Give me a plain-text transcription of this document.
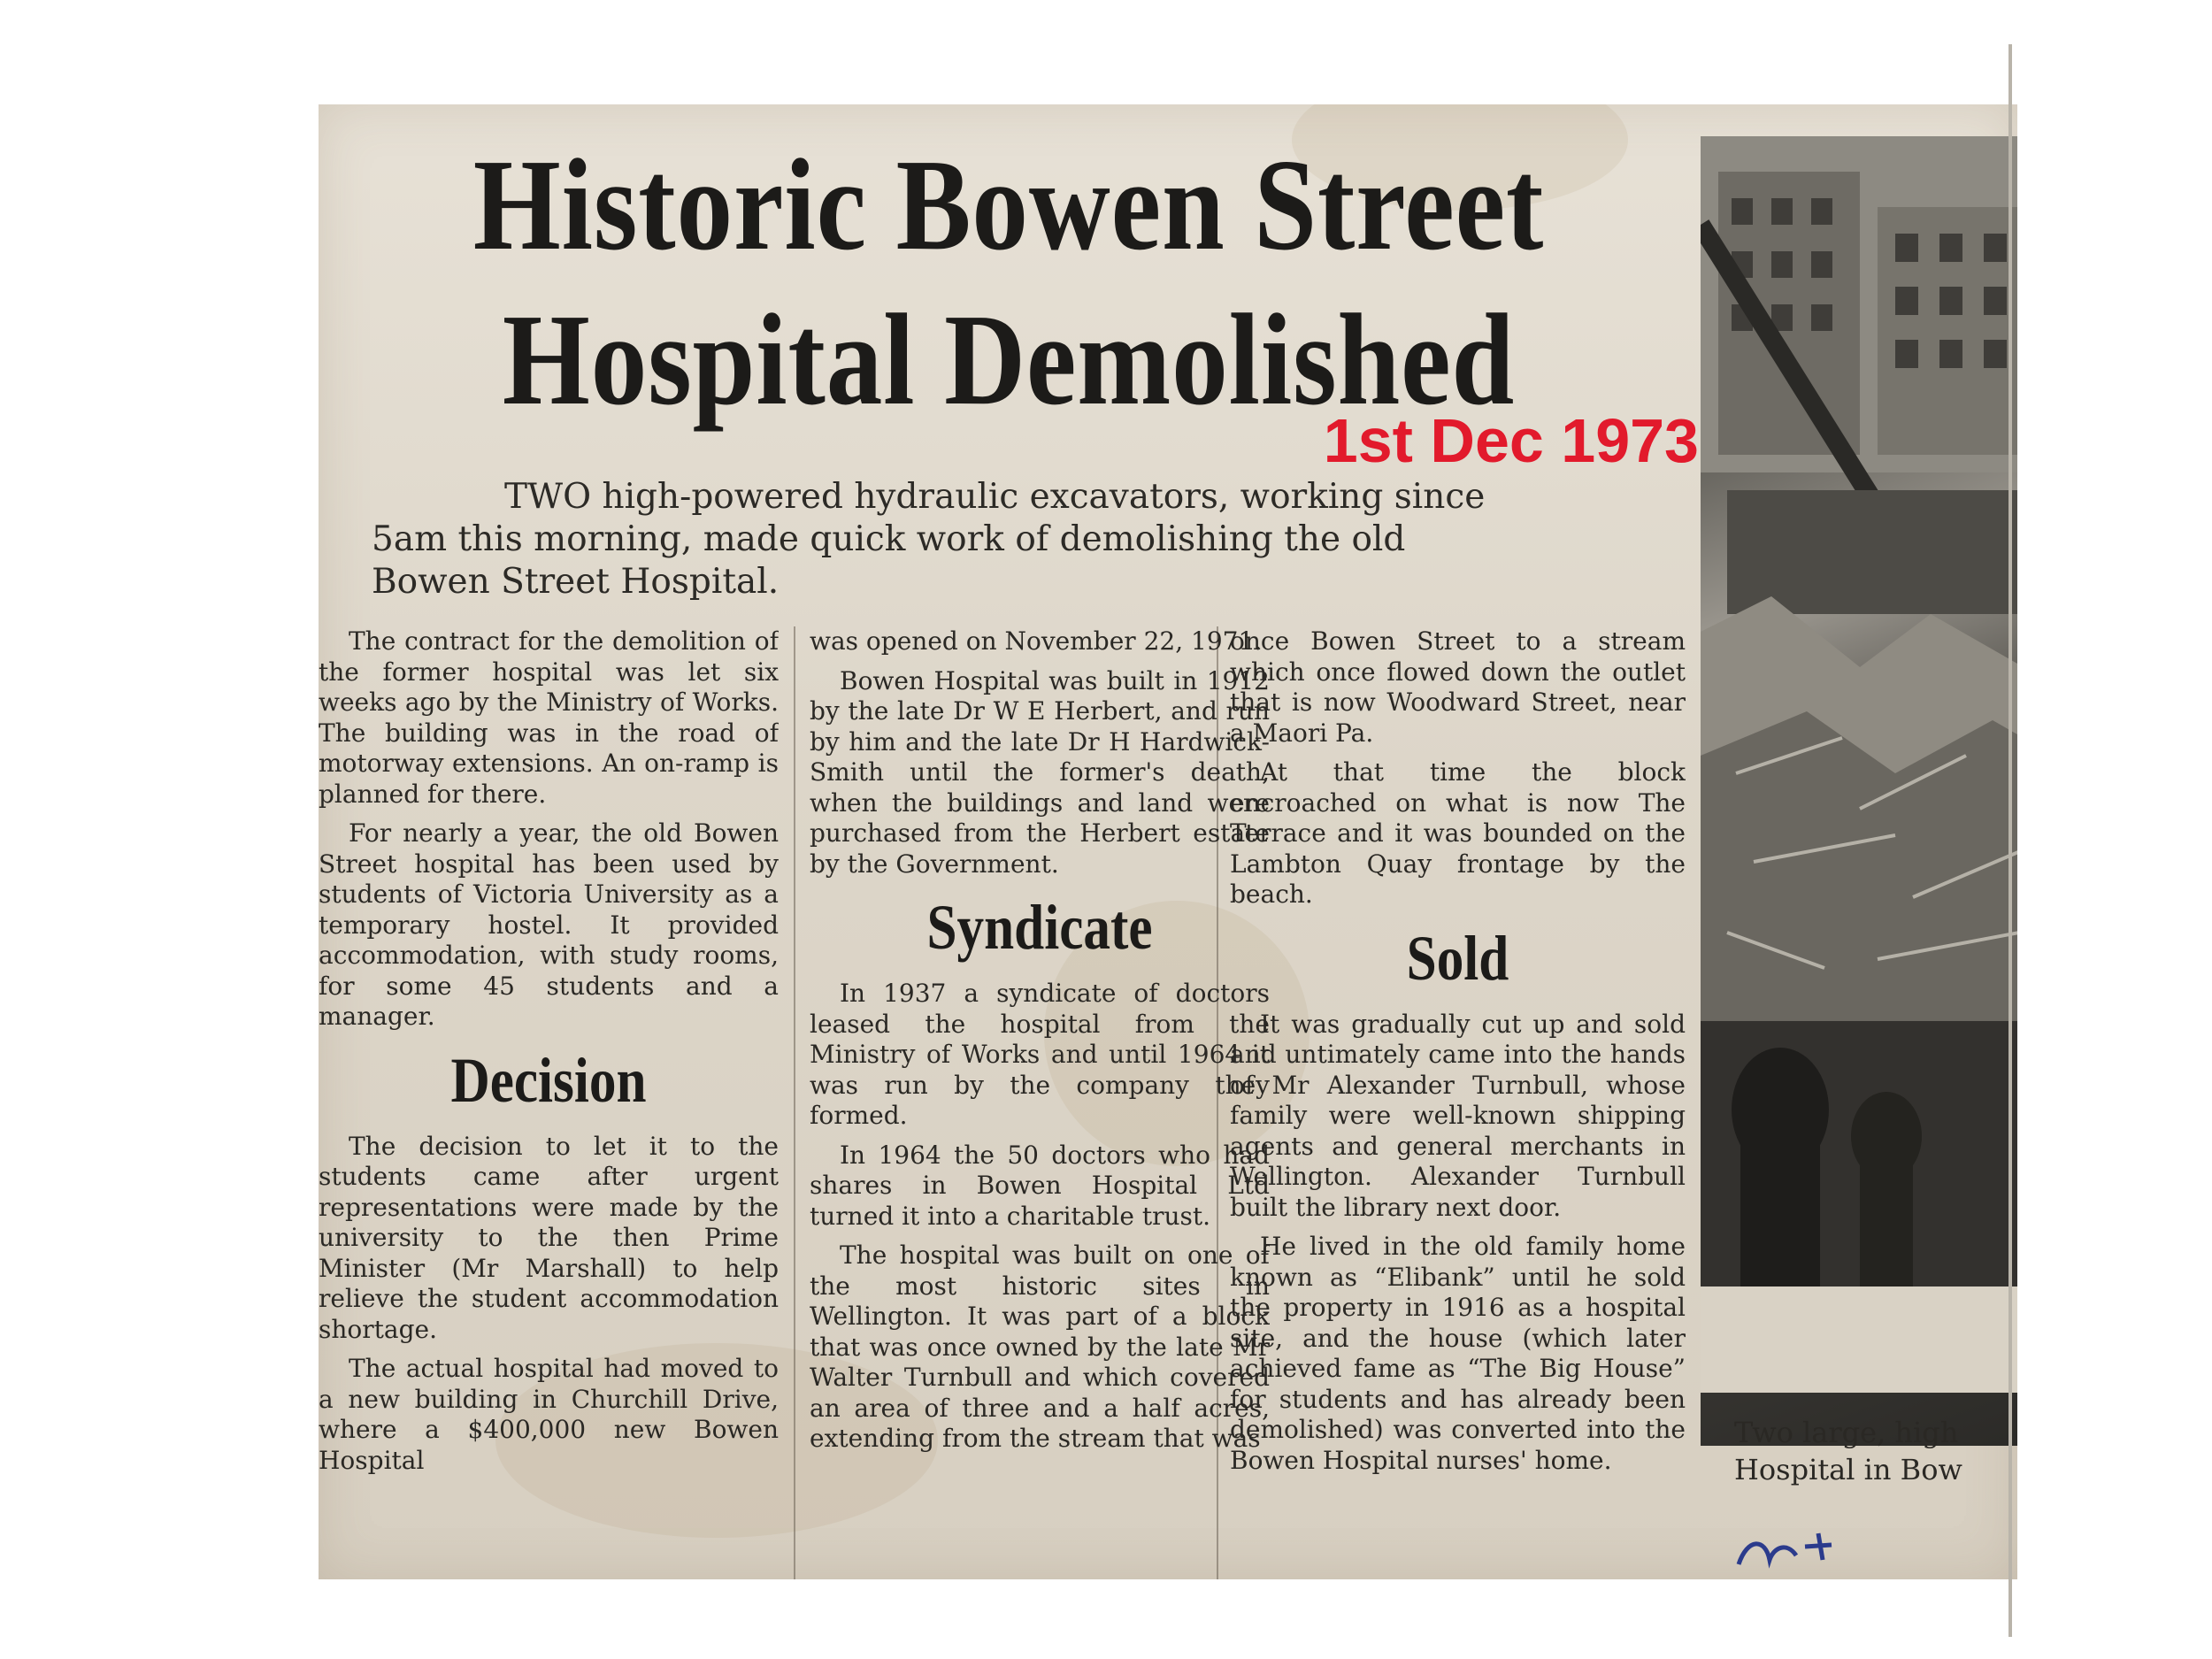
Historic Bowen Street
Hospital Demolished
1st Dec 1973

TWO high-powered hydraulic excavators, working since

5am this morning, made quick work of demolishing the old

Bowen Street Hospital.

The contract for the demolition of the former hospital was let six weeks ago by the Ministry of Works. The building was in the road of motorway extensions. An on-ramp is planned for there.

For nearly a year, the old Bowen Street hospital has been used by students of Victoria University as a temporary hostel. It provided accommodation, with study rooms, for some 45 students and a manager.

Decision

The decision to let it to the students came after urgent representations were made by the university to the then Prime Minister (Mr Marshall) to help relieve the student accommodation shortage.

The actual hospital had moved to a new building in Churchill Drive, where a $400,000 new Bowen Hospital

was opened on November 22, 1971.

Bowen Hospital was built in 1912 by the late Dr W E Herbert, and run by him and the late Dr H Hardwick-Smith until the former's death, when the buildings and land were purchased from the Herbert estate by the Government.

Syndicate

In 1937 a syndicate of doctors leased the hospital from the Ministry of Works and until 1964 it was run by the company they formed.

In 1964 the 50 doctors who had shares in Bowen Hospital Ltd turned it into a charitable trust.

The hospital was built on one of the most historic sites in Wellington. It was part of a block that was once owned by the late Mr Walter Turnbull and which covered an area of three and a half acres, extending from the stream that was

once Bowen Street to a stream which once flowed down the outlet that is now Woodward Street, near a Maori Pa.

At that time the block encroached on what is now The Terrace and it was bounded on the Lambton Quay frontage by the beach.

Sold

It was gradually cut up and sold and untimately came into the hands of Mr Alexander Turnbull, whose family were well-known shipping agents and general merchants in Wellington. Alexander Turnbull built the library next door.

He lived in the old family home known as “Elibank” until he sold the property in 1916 as a hospital site, and the house (which later achieved fame as “The Big House” for students and has already been demolished) was converted into the Bowen Hospital nurses' home.

Two large, high

Hospital in Bow
